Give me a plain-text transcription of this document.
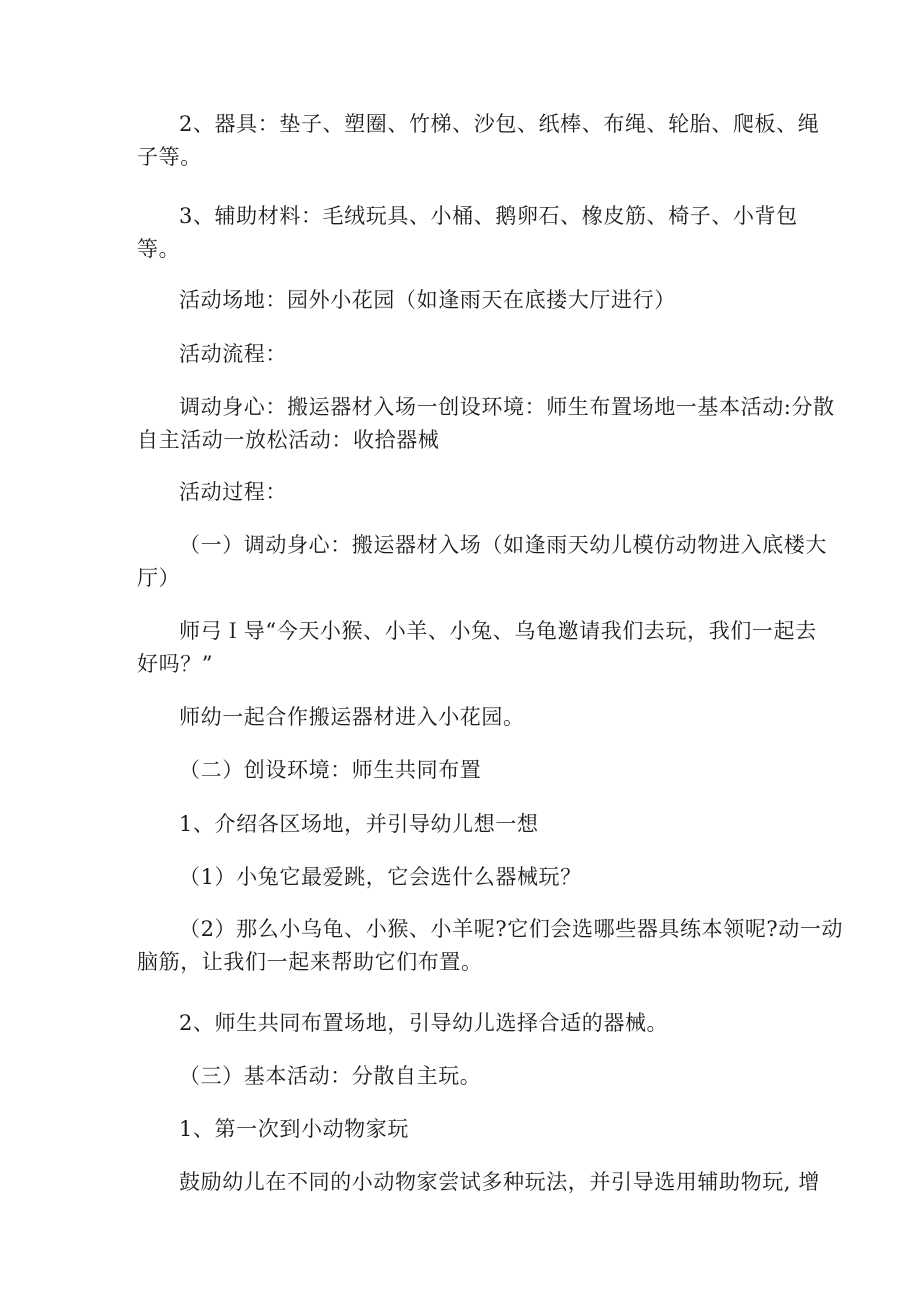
2、器具：垫子、塑圈、竹梯、沙包、纸棒、布绳、轮胎、爬板、绳
子等。

3、辅助材料：毛绒玩具、小桶、鹅卵石、橡皮筋、椅子、小背包
等。

活动场地：园外小花园（如逢雨天在底搂大厅进行）

活动流程：

调动身心：搬运器材入场一创设环境：师生布置场地一基本活动:分散
自主活动一放松活动：收拾器械

活动过程：

（一）调动身心：搬运器材入场（如逢雨天幼儿模仿动物进入底楼大
厅）

师弓Ｉ导“今天小猴、小羊、小兔、乌龟邀请我们去玩，我们一起去
好吗？”

师幼一起合作搬运器材进入小花园。

（二）创设环境：师生共同布置

1、介绍各区场地，并引导幼儿想一想

（1）小兔它最爱跳，它会选什么器械玩？

（2）那么小乌龟、小猴、小羊呢?它们会选哪些器具练本领呢?动一动
脑筋，让我们一起来帮助它们布置。

2、师生共同布置场地，引导幼儿选择合适的器械。

（三）基本活动：分散自主玩。

1、第一次到小动物家玩

鼓励幼儿在不同的小动物家尝试多种玩法，并引导选用辅助物玩, 增
